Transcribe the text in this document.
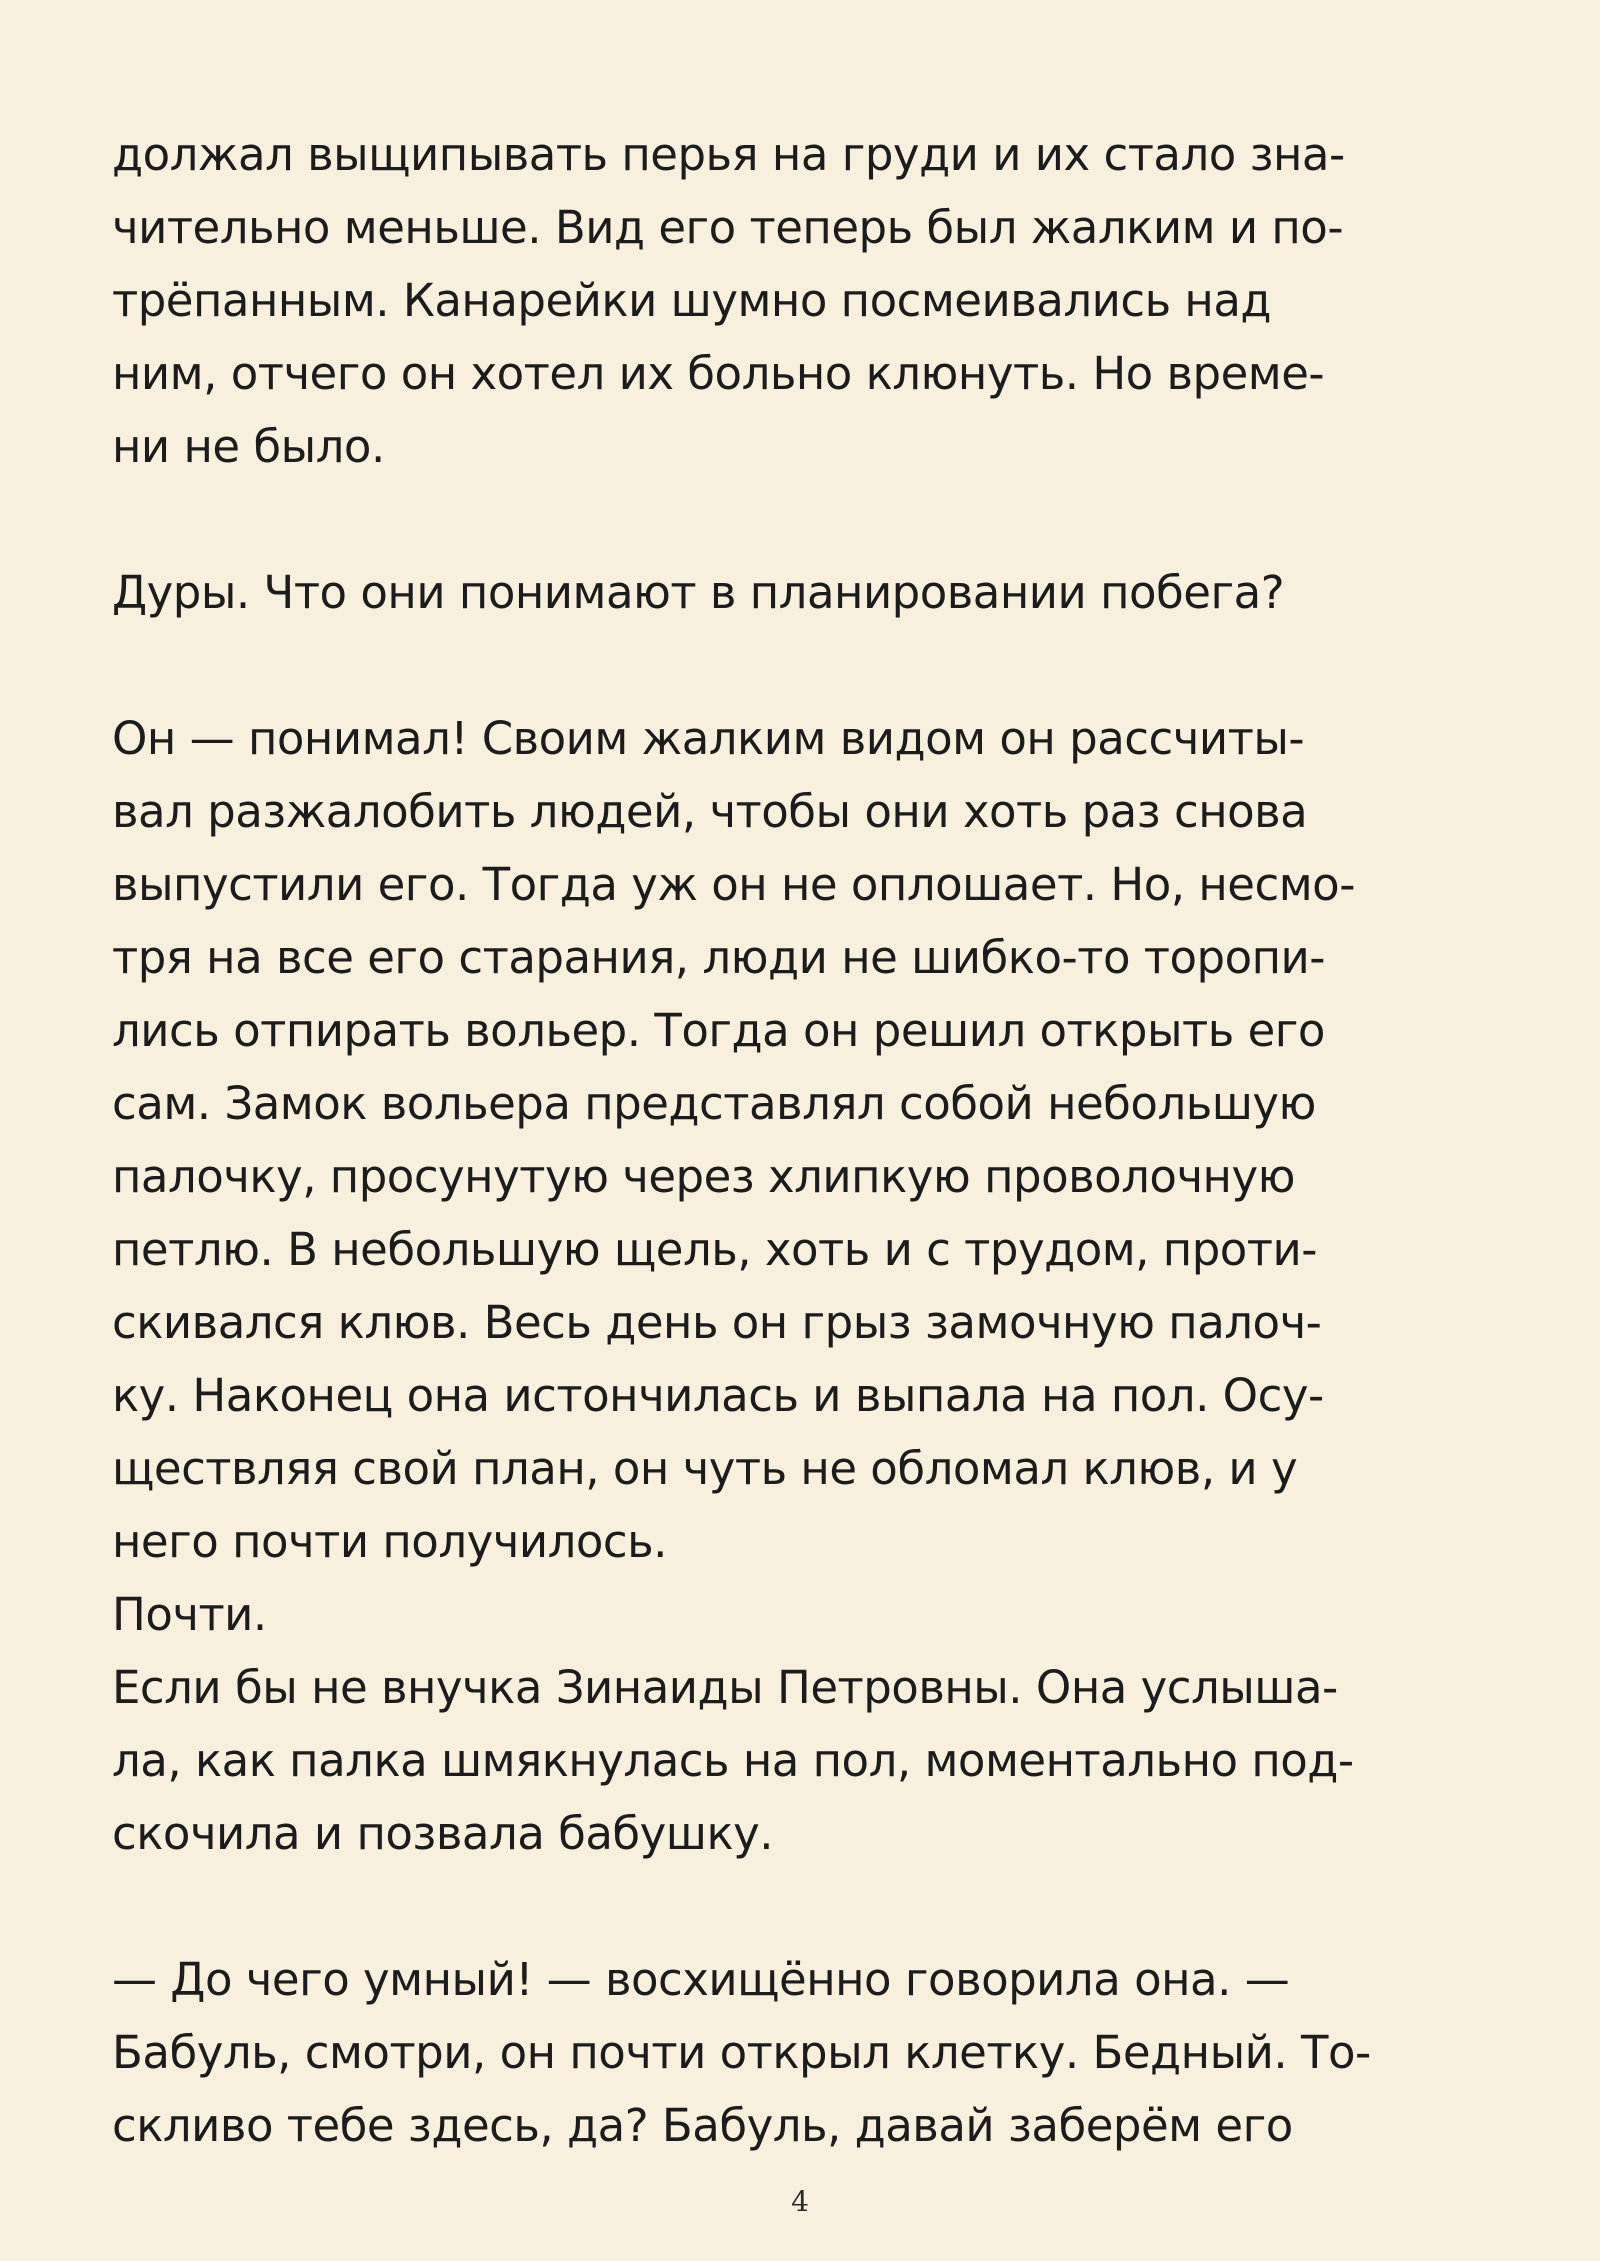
должал выщипывать перья на груди и их стало зна-
чительно меньше. Вид его теперь был жалким и по-
трёпанным. Канарейки шумно посмеивались над
ним, отчего он хотел их больно клюнуть. Но време-
ни не было.
Дуры. Что они понимают в планировании побега?
Он — понимал! Своим жалким видом он рассчиты-
вал разжалобить людей, чтобы они хоть раз снова
выпустили его. Тогда уж он не оплошает. Но, несмо-
тря на все его старания, люди не шибко-то торопи-
лись отпирать вольер. Тогда он решил открыть его
сам. Замок вольера представлял собой небольшую
палочку, просунутую через хлипкую проволочную
петлю. В небольшую щель, хоть и с трудом, проти-
скивался клюв. Весь день он грыз замочную палоч-
ку. Наконец она истончилась и выпала на пол. Осу-
ществляя свой план, он чуть не обломал клюв, и у
него почти получилось.
Почти.
Если бы не внучка Зинаиды Петровны. Она услыша-
ла, как палка шмякнулась на пол, моментально под-
скочила и позвала бабушку.
— До чего умный! — восхищённо говорила она. —
Бабуль, смотри, он почти открыл клетку. Бедный. То-
скливо тебе здесь, да? Бабуль, давай заберём его
4
